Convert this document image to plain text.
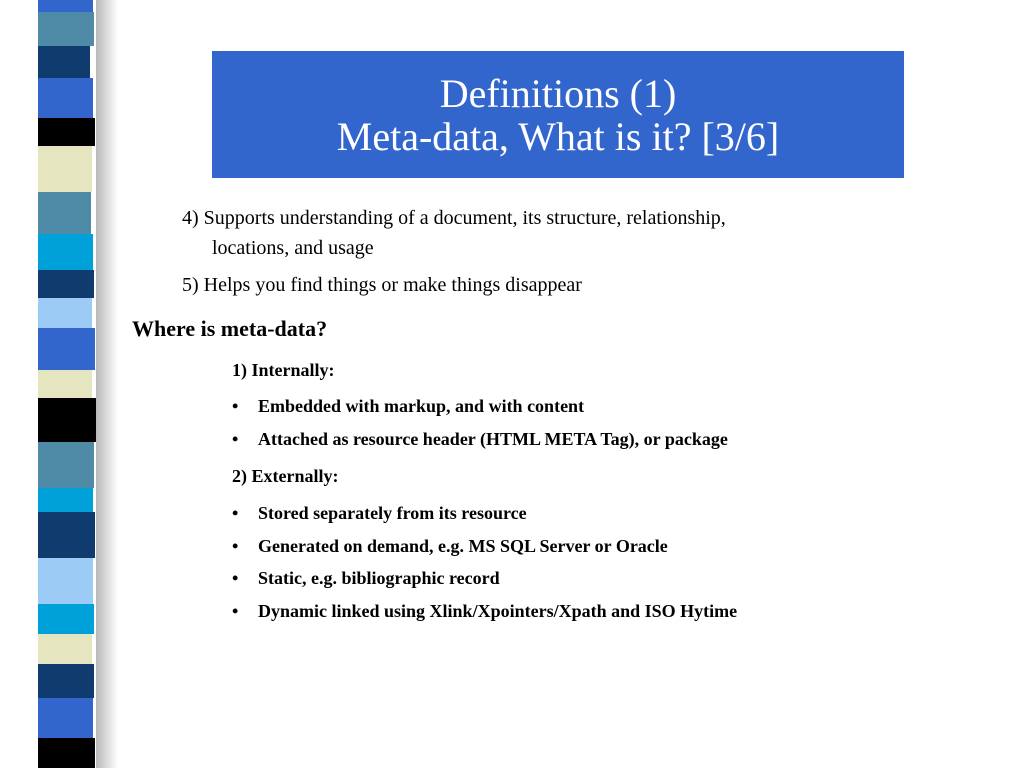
Definitions (1)
Meta-data, What is it? [3/6]
4) Supports understanding of a document, its structure, relationship,
locations, and usage
5) Helps you find things or make things disappear
Where is meta-data?
1) Internally:
• Embedded with markup, and with content
• Attached as resource header (HTML META Tag), or package
2) Externally:
• Stored separately from its resource
• Generated on demand, e.g. MS SQL Server or Oracle
• Static, e.g. bibliographic record
• Dynamic linked using Xlink/Xpointers/Xpath and ISO Hytime
